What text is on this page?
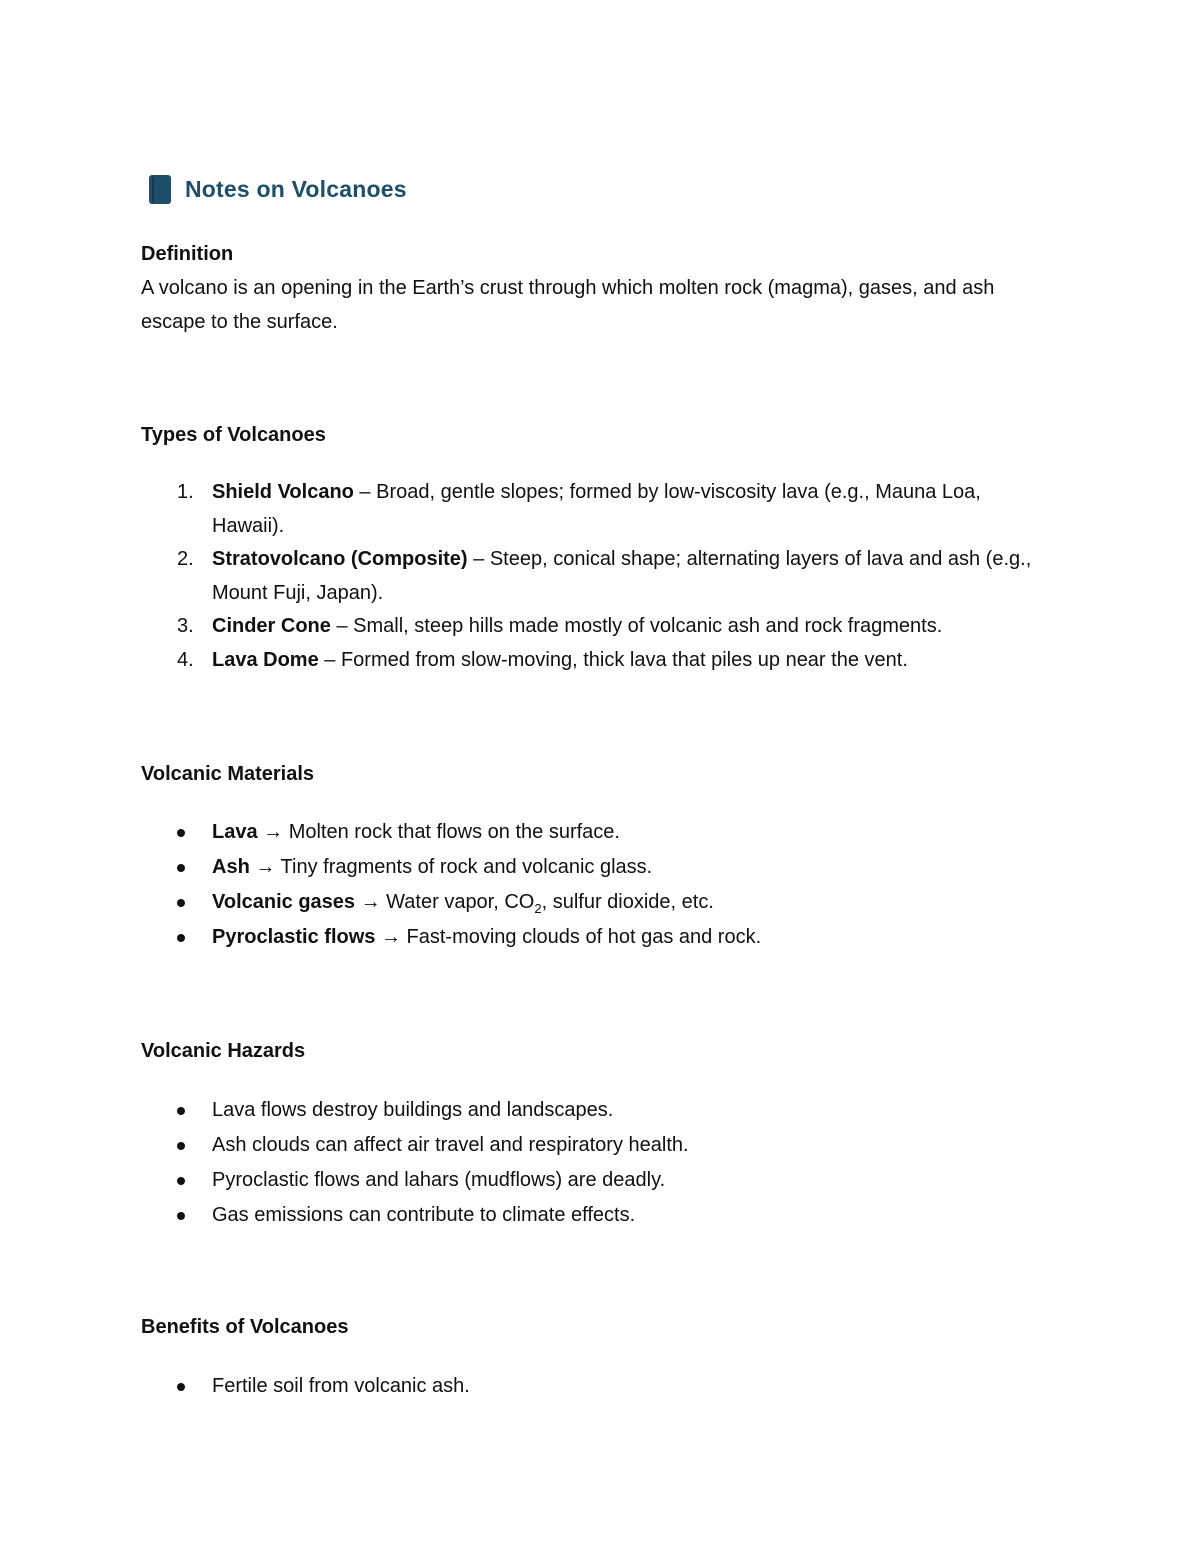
Notes on Volcanoes
Definition
A volcano is an opening in the Earth’s crust through which molten rock (magma), gases, and ash escape to the surface.
Types of Volcanoes
1. Shield Volcano – Broad, gentle slopes; formed by low-viscosity lava (e.g., Mauna Loa, Hawaii).
2. Stratovolcano (Composite) – Steep, conical shape; alternating layers of lava and ash (e.g., Mount Fuji, Japan).
3. Cinder Cone – Small, steep hills made mostly of volcanic ash and rock fragments.
4. Lava Dome – Formed from slow-moving, thick lava that piles up near the vent.
Volcanic Materials
Lava → Molten rock that flows on the surface.
Ash → Tiny fragments of rock and volcanic glass.
Volcanic gases → Water vapor, $CO_2$, sulfur dioxide, etc.
Pyroclastic flows → Fast-moving clouds of hot gas and rock.
Volcanic Hazards
Lava flows destroy buildings and landscapes.
Ash clouds can affect air travel and respiratory health.
Pyroclastic flows and lahars (mudflows) are deadly.
Gas emissions can contribute to climate effects.
Benefits of Volcanoes
Fertile soil from volcanic ash.
